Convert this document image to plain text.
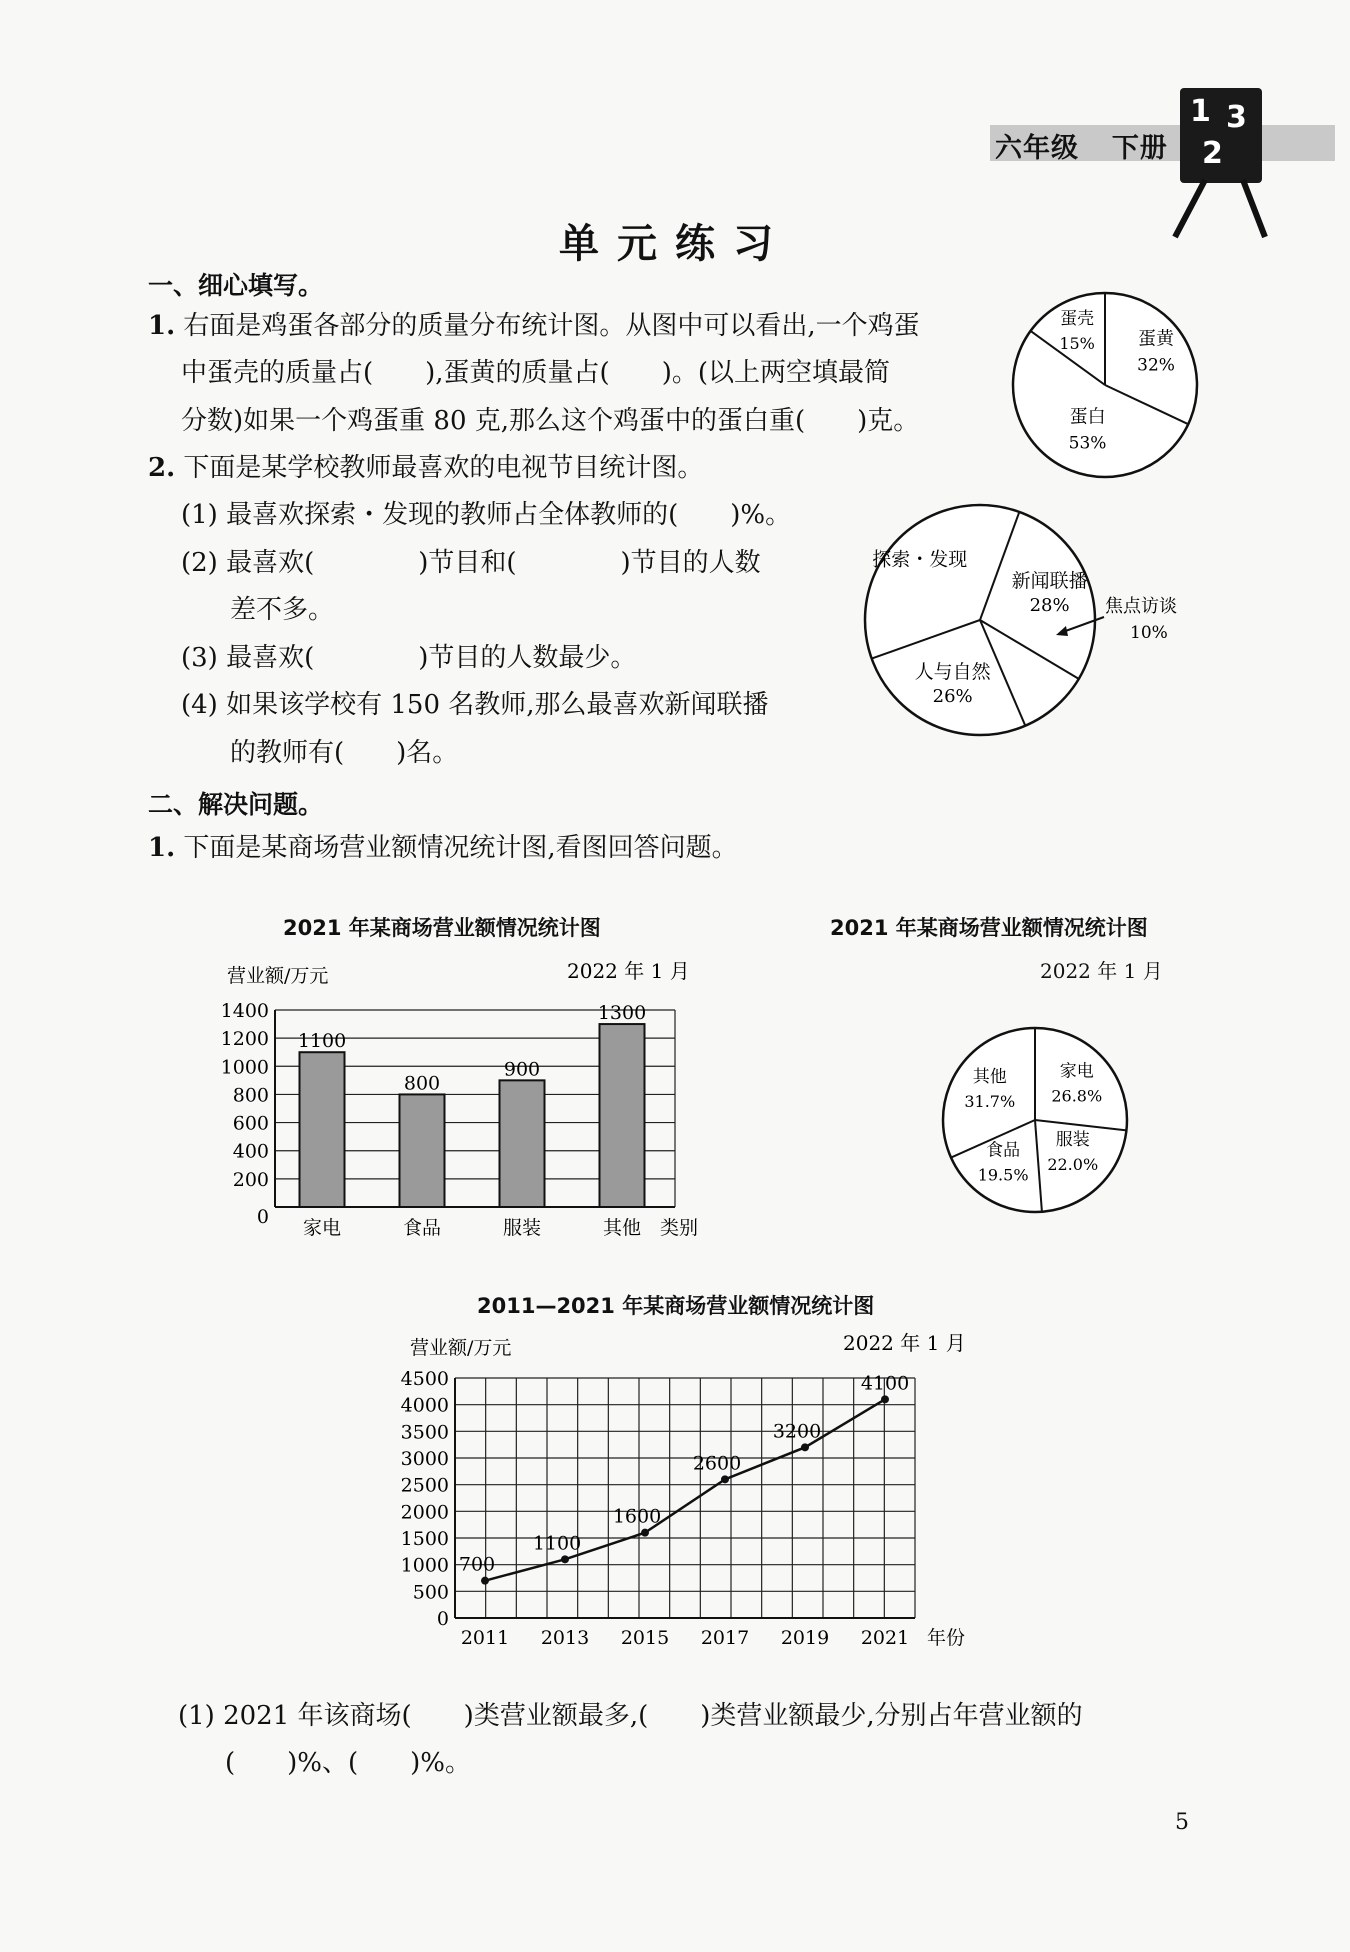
六年级 下册
1 3
2
单元练习
一、细心填写。
1. 右面是鸡蛋各部分的质量分布统计图。从图中可以看出,一个鸡蛋
中蛋壳的质量占(　　),蛋黄的质量占(　　)。(以上两空填最简
分数)如果一个鸡蛋重 80 克,那么这个鸡蛋中的蛋白重(　　)克。
2. 下面是某学校教师最喜欢的电视节目统计图。
(1) 最喜欢探索・发现的教师占全体教师的(　　)%。
(2) 最喜欢(　　　　)节目和(　　　　)节目的人数
差不多。
(3) 最喜欢(　　　　)节目的人数最少。
(4) 如果该学校有 150 名教师,那么最喜欢新闻联播
的教师有(　　)名。
蛋壳
15% 蛋黄
32%
蛋白
53%
新闻联播
28% 焦点访谈
10%
人与自然
26%
探索・发现
二、解决问题。
1. 下面是某商场营业额情况统计图,看图回答问题。
2021 年某商场营业额情况统计图
营业额/万元	2022 年 1 月
0
200
400
600
800
1000
1200
1400
1100
家电
800
食品
900
服装
1300
其他 类别
2021 年某商场营业额情况统计图
2022 年 1 月
家电
26.8%
服装
22.0%
食品
19.5%
其他
31.7%
2011—2021 年某商场营业额情况统计图
营业额/万元	2022 年 1 月
0
500
1000
1500
2000
2500
3000
3500
4000
4500
2011 2013 2015 2017 2019 2021
700
1100
1600
2600
3200
4100
年份
(1) 2021 年该商场(　　)类营业额最多,(　　)类营业额最少,分别占年营业额的
(　　)%、(　　)%。
5
